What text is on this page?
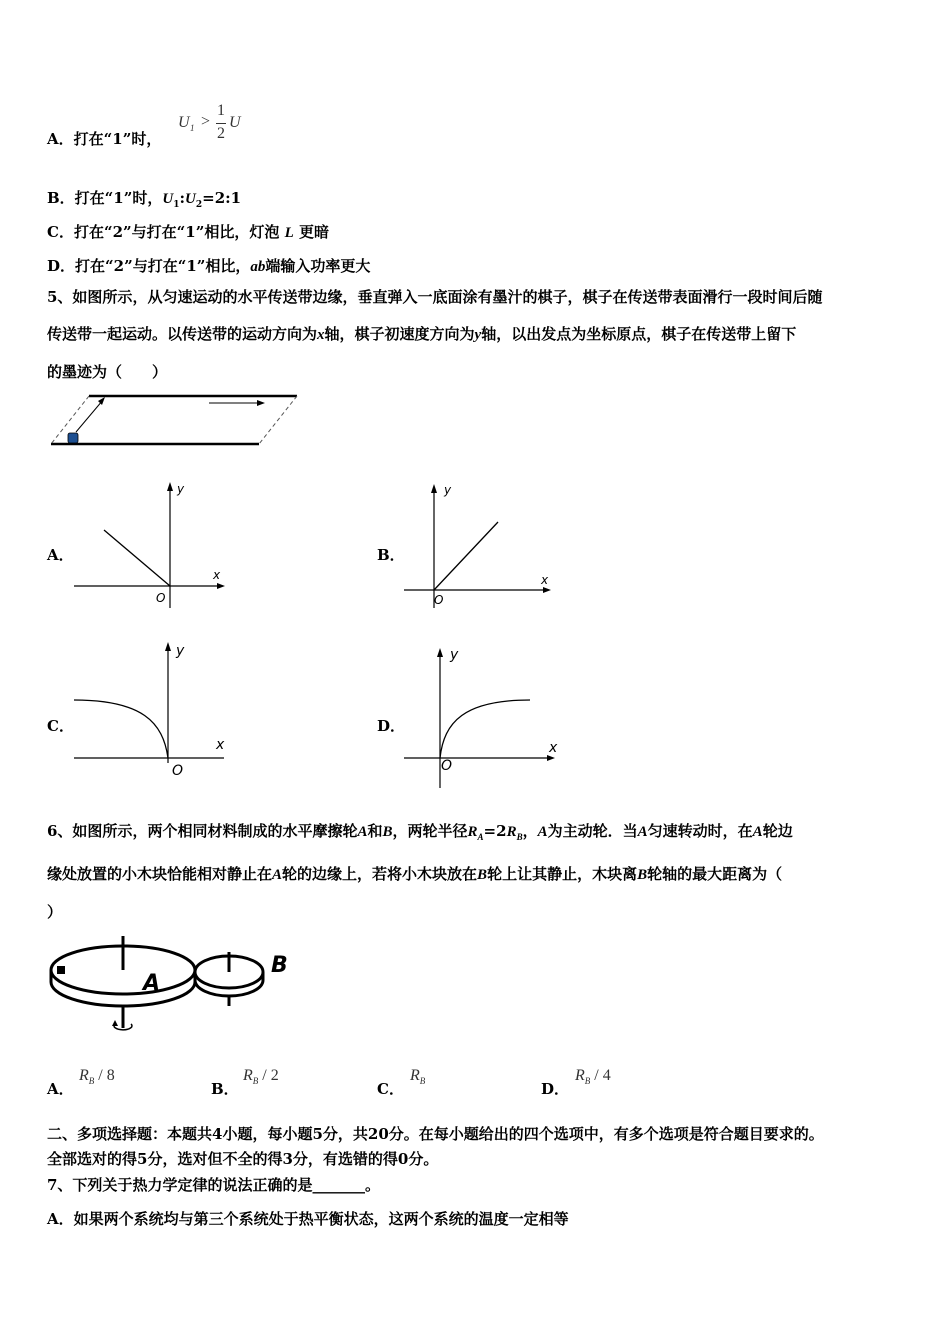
A．打在“1”时，
U 1 >
1
2
U
B．打在“1”时，$U_1:U_2=2:1$
C．打在“2”与打在“1”相比，灯泡 L 更暗
D．打在“2”与打在“1”相比，ab端输入功率更大
5、如图所示，从匀速运动的水平传送带边缘，垂直弹入一底面涂有墨汁的棋子，棋子在传送带表面滑行一段时间后随
传送带一起运动。以传送带的运动方向为x轴，棋子初速度方向为y轴，以出发点为坐标原点，棋子在传送带上留下
的墨迹为（　　）
A．	B．
C．	D．
y
x
O
y
x
O
y
x
O
y
x
O
6、如图所示，两个相同材料制成的水平摩擦轮A和B，两轮半径$R_A=2R_B$，A为主动轮．当A匀速转动时，在A轮边
缘处放置的小木块恰能相对静止在A轮的边缘上，若将小木块放在B轮上让其静止，木块离B轮轴的最大距离为（
）
A
B
A．
$R_B / 8$
B．
$R_B / 2$
C．
$R_B$	D．
$R_B / 4$
二、多项选择题：本题共4小题，每小题5分，共20分。在每小题给出的四个选项中，有多个选项是符合题目要求的。
全部选对的得5分，选对但不全的得3分，有选错的得0分。
7、下列关于热力学定律的说法正确的是_______。
A．如果两个系统均与第三个系统处于热平衡状态，这两个系统的温度一定相等
